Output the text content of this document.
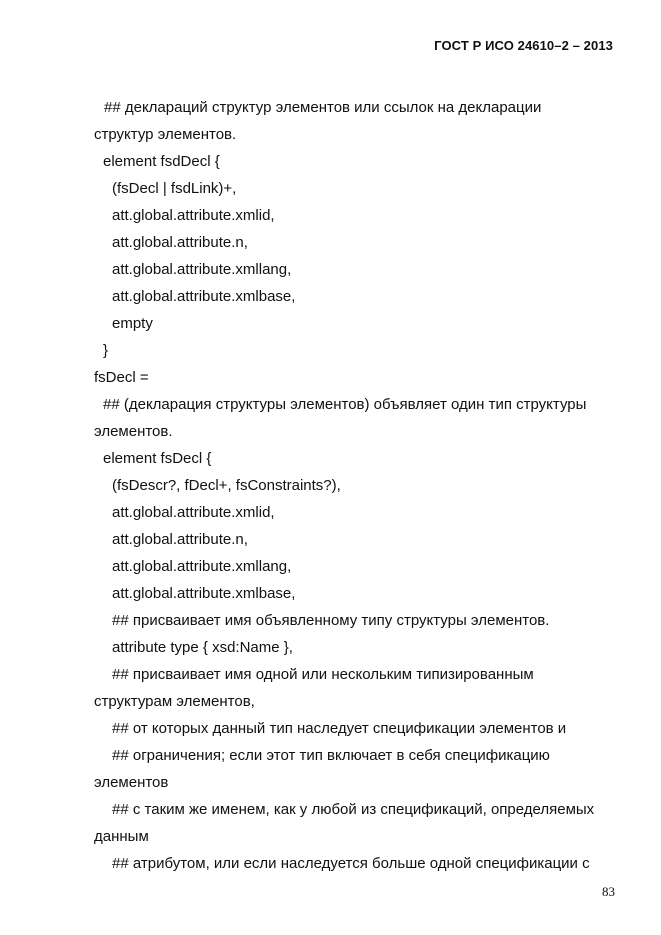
ГОСТ Р ИСО 24610–2 – 2013
## деклараций структур элементов или ссылок на декларации
структур элементов.
element fsdDecl {
(fsDecl | fsdLink)+,
att.global.attribute.xmlid,
att.global.attribute.n,
att.global.attribute.xmllang,
att.global.attribute.xmlbase,
empty
}
fsDecl =
## (декларация структуры элементов) объявляет один тип структуры
элементов.
element fsDecl {
(fsDescr?, fDecl+, fsConstraints?),
att.global.attribute.xmlid,
att.global.attribute.n,
att.global.attribute.xmllang,
att.global.attribute.xmlbase,
## присваивает имя объявленному типу структуры элементов.
attribute type { xsd:Name },
## присваивает имя одной или нескольким типизированным
структурам элементов,
## от которых данный тип наследует спецификации элементов и
## ограничения; если этот тип включает в себя спецификацию
элементов
## с таким же именем, как у любой из спецификаций, определяемых
данным
## атрибутом, или если наследуется больше одной спецификации с
83
